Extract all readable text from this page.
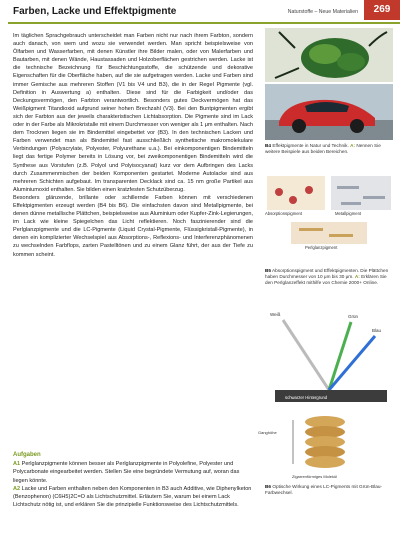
Farben, Lacke und Effektpigmente	Naturstoffe – Neue Materialien	269

Im täglichen Sprachgebrauch unterscheidet man Farben nicht nur nach ihrem Farbton, sondern auch danach, von wem und wozu sie verwendet werden. Man spricht beispielsweise von Ölfarben und Wasserfarben, mit denen Künstler ihre Bilder malen, oder von Malerfarben und Bautarben, mit denen Wände, Haustassaden und Holzoberflächen gestrichen werden. Lacke ist die technische Bezeichnung für Beschichtungsstoffe, die schützende und dekorative Eigenschaften für die Oberfläche haben, auf die sie aufgetragen werden. Lacke und Farben sind immer Gemische aus mehreren Stoffen (V1 bis V4 und B3), die in der Regel Pigmente (vgl. Definition in Auswertung a) enthalten. Diese sind für die Farbigkeit und/oder das Deckungsvermögen, den Farbton verantwortlich. Besonders gutes Deckvermögen hat das Weißpigment Titandioxid aufgrund seiner hohen Brechzahl (V3). Bei den Buntpigmenten ergibt sich der Farbton aus der jeweils charakteristischen Lichtabsorption. Die Pigmente sind im Lack oder in der Farbe als Mikrokristalle mit einem Durchmesser von weniger als 1 μm enthalten. Nach dem Trocknen liegen sie im Bindemittel eingebettet vor (B3). In den technischen Lacken und Farben verwendet man als Bindemittel fast ausschließlich synthetische makromolekulare Verbindungen (Polyacrylate, Polyester, Polyurethane u.a.). Bei einkomponentigen Bindemitteln liegt das fertige Polymer bereits in Lösung vor, bei zweikomponentigen Bindemitteln wird die Synthese aus Vorstufen (z.B. Polyol und Polyisocyanat) kurz vor dem Aufbringen des Lacks durch Zusammenmischen der beiden Komponenten gestartet. Moderne Autolacke sind aus mehreren Schichten aufgebaut. Im transparenten Decklack sind ca. 15 nm große Partikel aus Aluminiumoxid enthalten. Sie bilden einen kratzfesten Schutzüberzug.

Besonders glänzende, brillante oder schillernde Farben können mit verschiedenen Effektpigmenten erzeugt werden (B4 bis B6). Die einfachsten davon sind Metallpigmente, bei denen dünne metallische Plättchen, beispielsweise aus Aluminium oder Kupfer-Zink-Legierungen, im Lack wie kleine Spiegelchen das Licht reflektieren. Noch faszinierender sind die Perlglanzpigmente und die LC-Pigmente (Liquid Crystal-Pigmente, Flüssigkristall-Pigmente), in denen ein komplizierter Wechselspiel aus Absorptions-, Reflexions- und Interferenzphänomenen zu wechselnden Farbflops, zarten Pastelltönen und zu einem Glanz führt, der aus der Tiefe zu kommen scheint.

Aufgaben
A1 Perlglanzpigmente können besser als Perlglanzpigmente in Polyolefine, Polyester und Polycarbonate eingearbeitet werden. Stellen Sie eine begründete Vermutung auf, woran das liegen könnte.
A2 Lacke und Farben enthalten neben den Komponenten in B3 auch Additive, wie Diphenylketon (Benzophenon) (C6H5)2C=O als Lichtschutzmittel. Erläutern Sie, warum bei einem Lack Lichtschutz nötig ist, und erklären Sie die prinzipielle Funktionsweise des Lichtschutzmittels.
B4 Effektpigmente in Natur und Technik. A: Nennen Sie weitere Beispiele aus beiden Bereichen.
Absorptionspigment	Metallpigment
Perlglanzpigment
B5 Absorptionspigment und Effektpigmenten. Die Plättchen haben Durchmesser von 10 μm bis 30 μm. A: Erklären Sie den Perlglanzeffekt mithilfe von Chemie 2000+ Online.
Weiß	Grün
Blau
schwarzer Hintergrund
Ganghöhe
Zigarrenförmiges Molekül
B6 Optische Wirkung eines LC-Pigments mit Grün-Blau-Farbwechsel.
